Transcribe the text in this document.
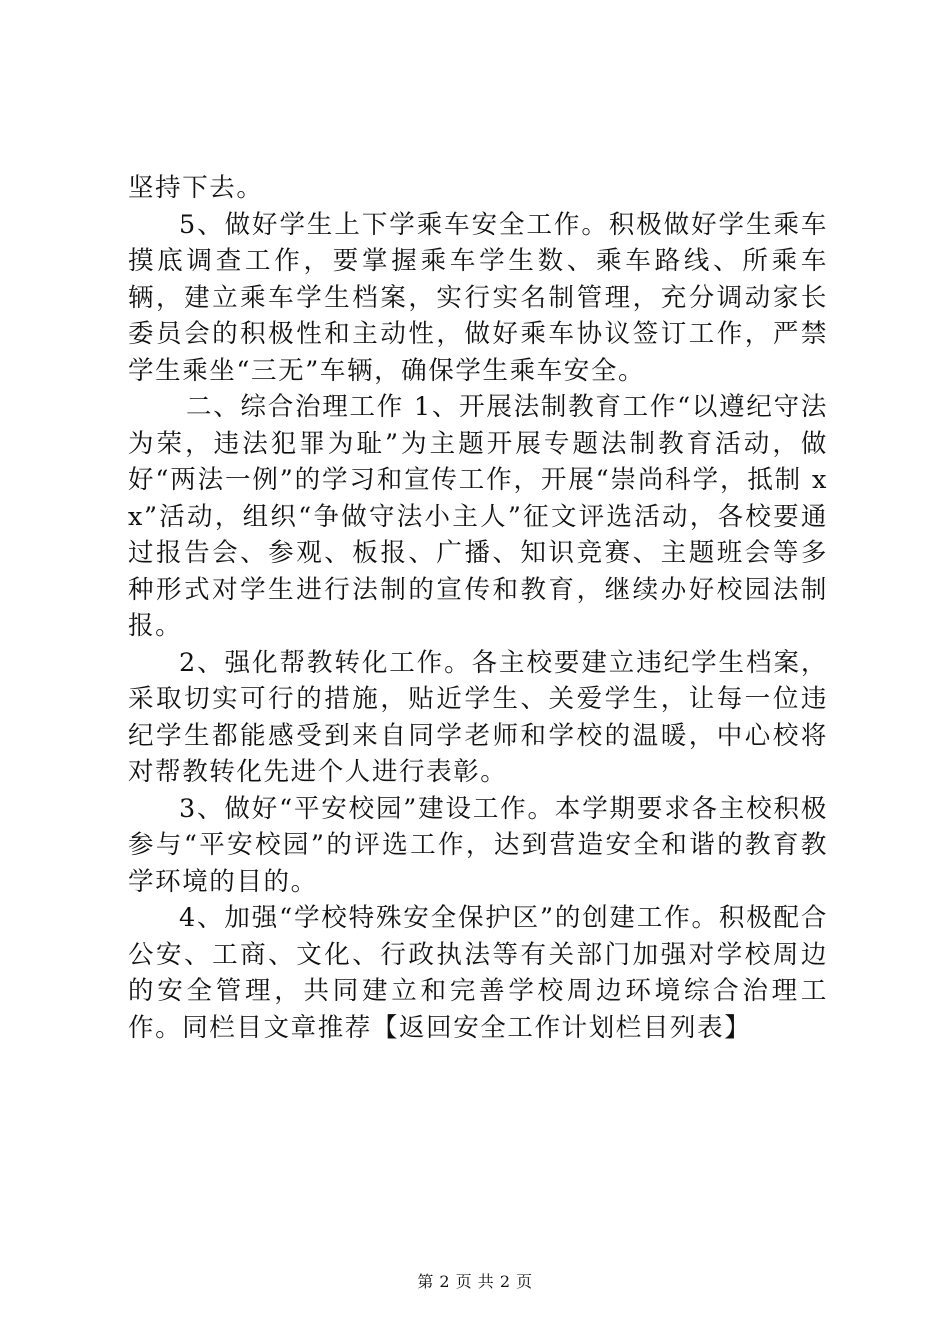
坚持下去。

5、做好学生上下学乘车安全工作。积极做好学生乘车摸底调查工作，要掌握乘车学生数、乘车路线、所乘车辆，建立乘车学生档案，实行实名制管理，充分调动家长委员会的积极性和主动性，做好乘车协议签订工作，严禁学生乘坐“三无”车辆，确保学生乘车安全。

二、综合治理工作 1、开展法制教育工作“以遵纪守法为荣，违法犯罪为耻”为主题开展专题法制教育活动，做好“两法一例”的学习和宣传工作，开展“崇尚科学，抵制 xx”活动，组织“争做守法小主人”征文评选活动，各校要通过报告会、参观、板报、广播、知识竞赛、主题班会等多种形式对学生进行法制的宣传和教育，继续办好校园法制报。

2、强化帮教转化工作。各主校要建立违纪学生档案，采取切实可行的措施，贴近学生、关爱学生，让每一位违纪学生都能感受到来自同学老师和学校的温暖，中心校将对帮教转化先进个人进行表彰。

3、做好“平安校园”建设工作。本学期要求各主校积极参与“平安校园”的评选工作，达到营造安全和谐的教育教学环境的目的。

4、加强“学校特殊安全保护区”的创建工作。积极配合公安、工商、文化、行政执法等有关部门加强对学校周边的安全管理，共同建立和完善学校周边环境综合治理工作。同栏目文章推荐【返回安全工作计划栏目列表】

第 2 页 共 2 页
